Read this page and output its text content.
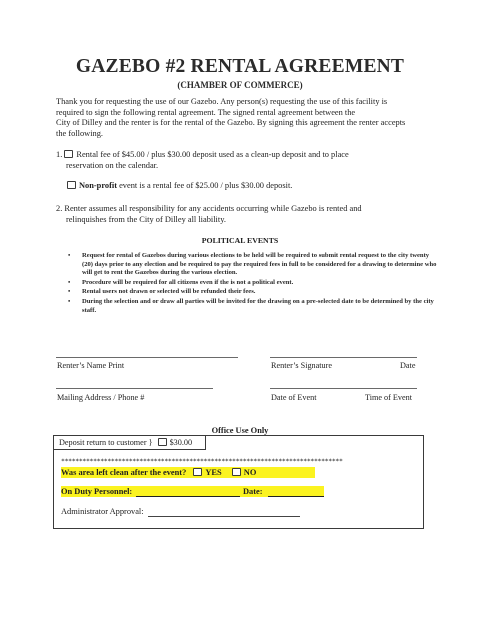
GAZEBO #2 RENTAL AGREEMENT
(CHAMBER OF COMMERCE)
Thank you for requesting the use of our Gazebo. Any person(s) requesting the use of this facility is
required to sign the following rental agreement. The signed rental agreement between the
City of Dilley and the renter is for the rental of the Gazebo. By signing this agreement the renter accepts
the following.
1. Rental fee of $45.00 / plus $30.00 deposit used as a clean-up deposit and to place
reservation on the calendar.
Non-profit event is a rental fee of $25.00 / plus $30.00 deposit.
2. Renter assumes all responsibility for any accidents occurring while Gazebo is rented and
relinquishes from the City of Dilley all liability.
POLITICAL EVENTS
• Request for rental of Gazebos during various elections to be held will be required to submit rental request to the city twenty (20) days prior to any election and be required to pay the required fees in full to be considered for a drawing to determine who will get to rent the Gazebos during the various election.
• Procedure will be required for all citizens even if the is not a political event.
• Rental users not drawn or selected will be refunded their fees.
• During the selection and or draw all parties will be invited for the drawing on a pre-selected date to be determined by the city staff.
Renter’s Name Print	Renter’s Signature	Date
Mailing Address / Phone #	Date of Event	Time of Event
Office Use Only
Deposit return to customer } $30.00
*******************************************************************************
Was area left clean after the event? YES	NO
On Duty Personnel:	Date:
Administrator Approval:
